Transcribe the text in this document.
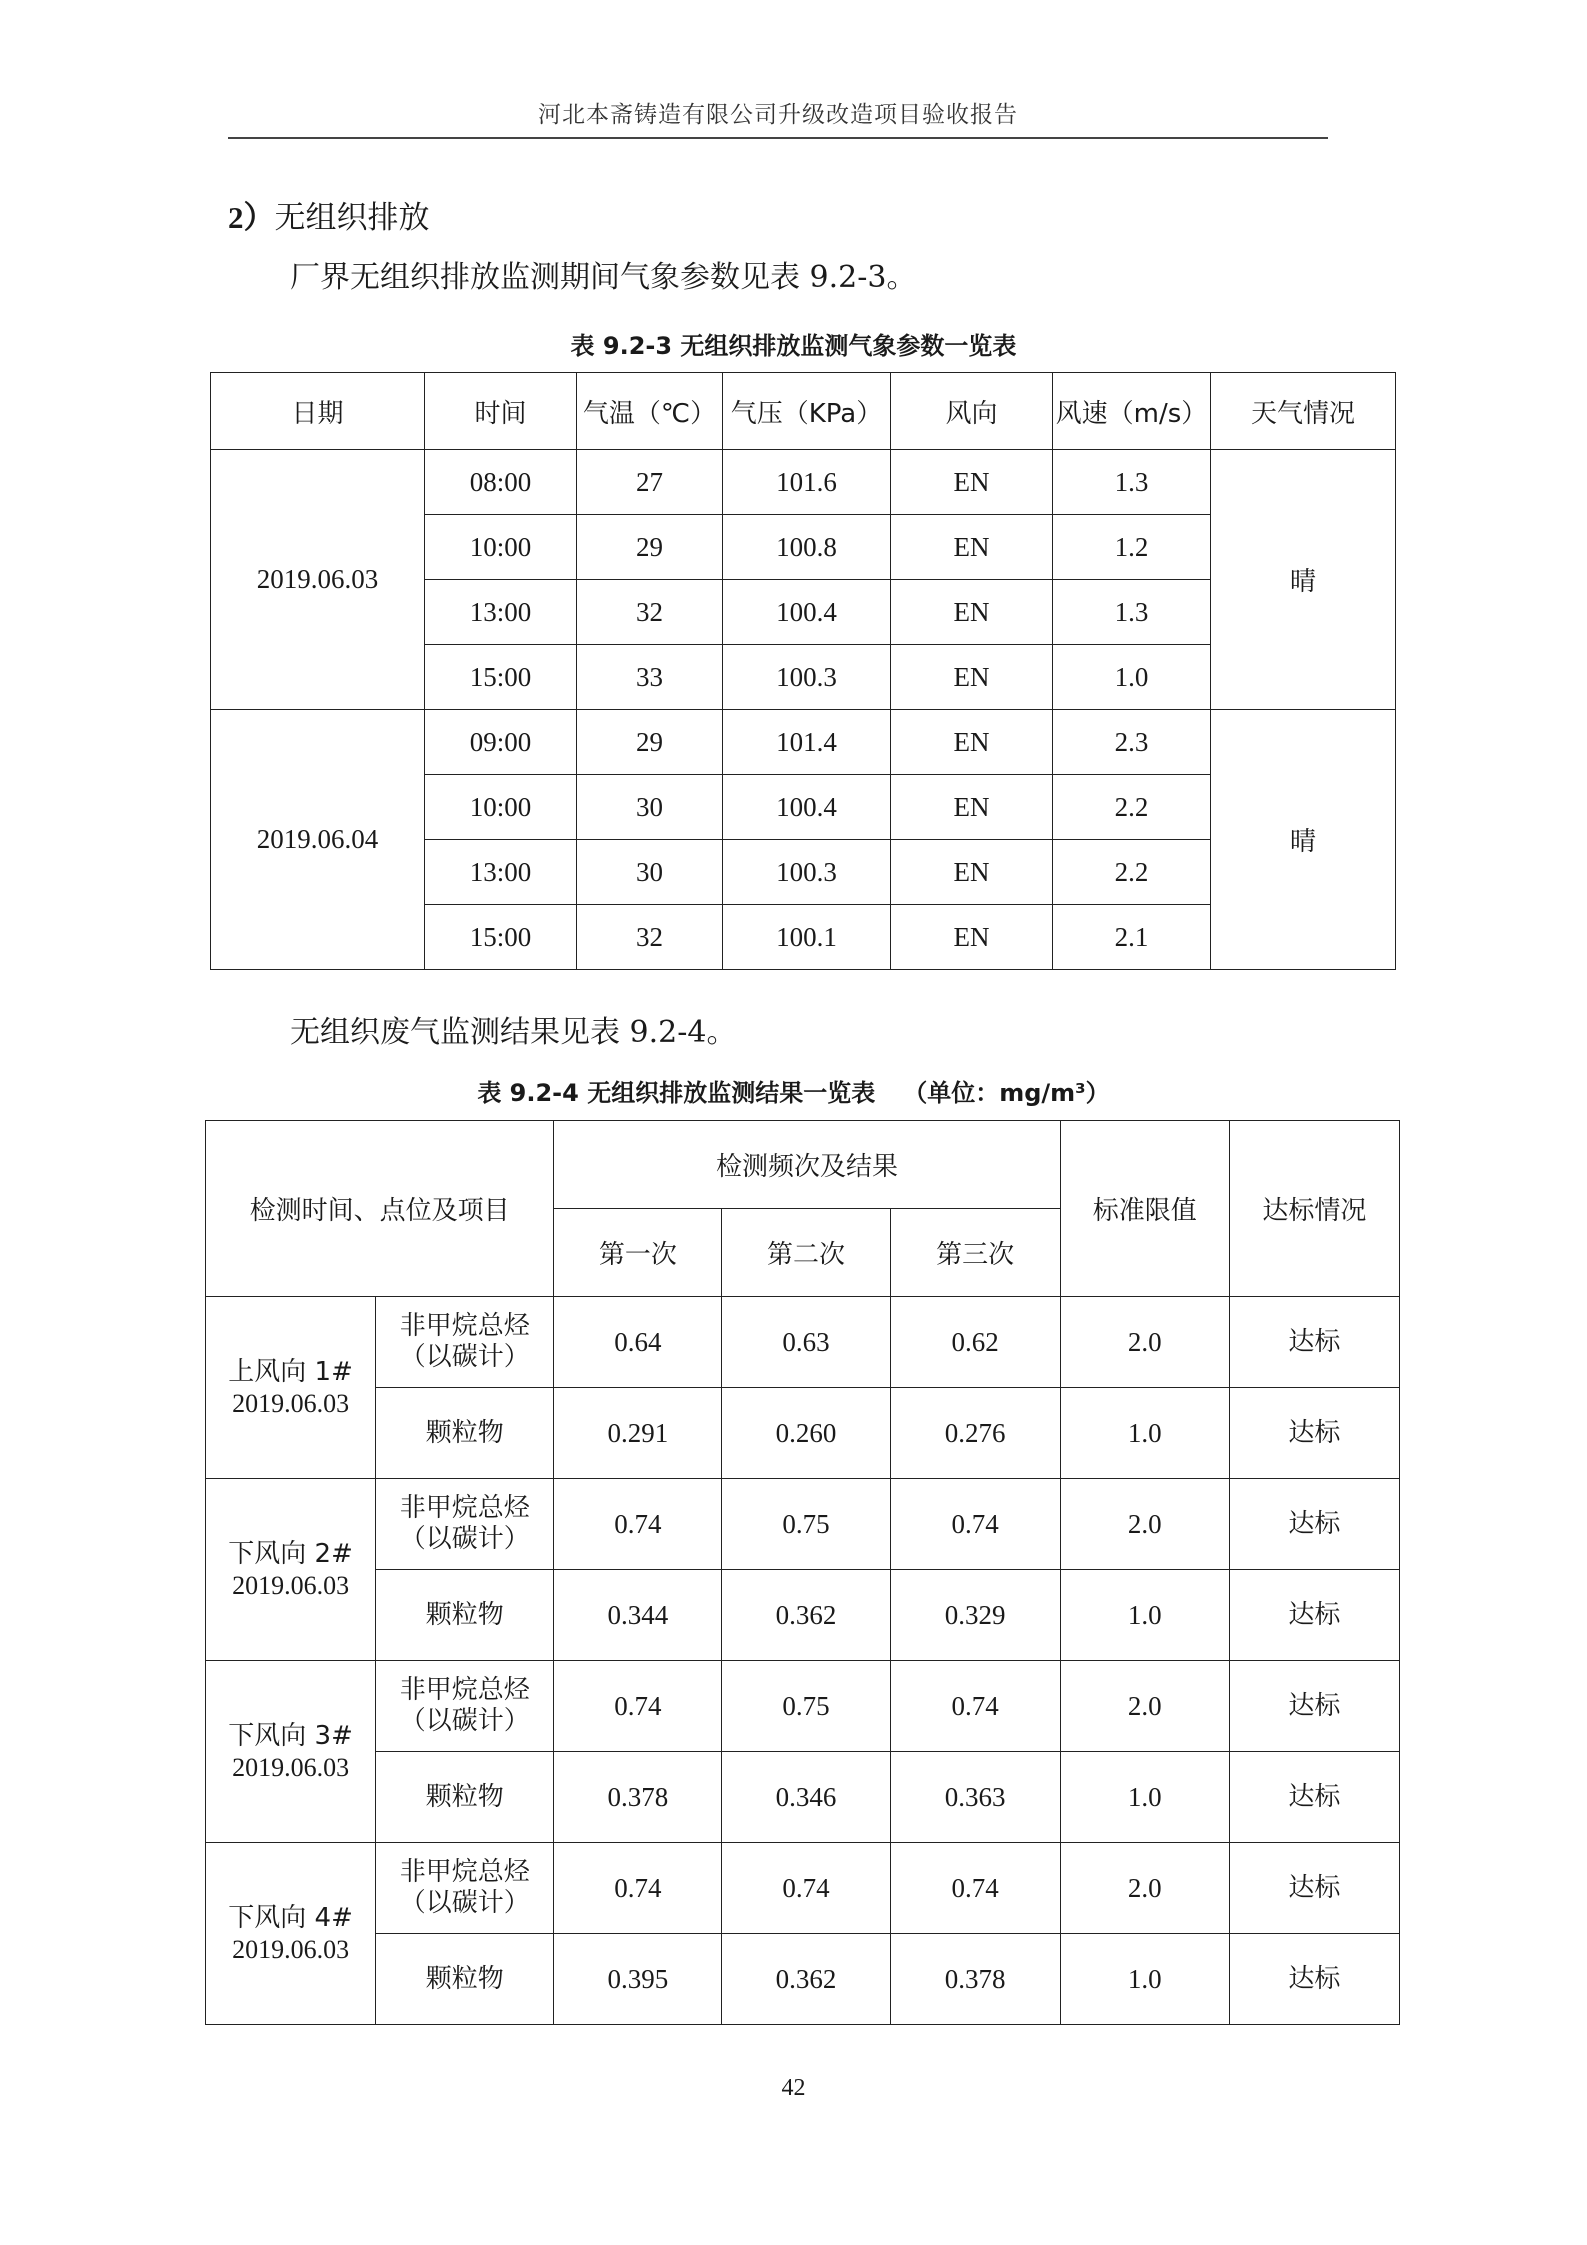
河北本斋铸造有限公司升级改造项目验收报告
2）无组织排放
厂界无组织排放监测期间气象参数见表 9.2-3。
表 9.2-3 无组织排放监测气象参数一览表
日期	时间	气温（℃）	气压（KPa）	风向	风速（m/s）	天气情况
2019.06.03	08:00	27	101.6	EN	1.3	晴
	10:00	29	100.8	EN	1.2	
	13:00	32	100.4	EN	1.3	
	15:00	33	100.3	EN	1.0	
2019.06.04	09:00	29	101.4	EN	2.3	晴
	10:00	30	100.4	EN	2.2	
	13:00	30	100.3	EN	2.2	
	15:00	32	100.1	EN	2.1	
无组织废气监测结果见表 9.2-4。
表 9.2-4 无组织排放监测结果一览表 （单位：mg/m³）
检测时间、点位及项目		检测频次及结果			标准限值	达标情况
		第一次	第二次	第三次		

上风向 1#
2019.06.03	非甲烷总烃（以碳计）	0.64	0.63	0.62	2.0	达标
	颗粒物	0.291	0.260	0.276	1.0	达标

下风向 2#
2019.06.03	非甲烷总烃（以碳计）	0.74	0.75	0.74	2.0	达标
	颗粒物	0.344	0.362	0.329	1.0	达标

下风向 3#
2019.06.03	非甲烷总烃（以碳计）	0.74	0.75	0.74	2.0	达标
	颗粒物	0.378	0.346	0.363	1.0	达标

下风向 4#
2019.06.03	非甲烷总烃（以碳计）	0.74	0.74	0.74	2.0	达标
	颗粒物	0.395	0.362	0.378	1.0	达标
42
